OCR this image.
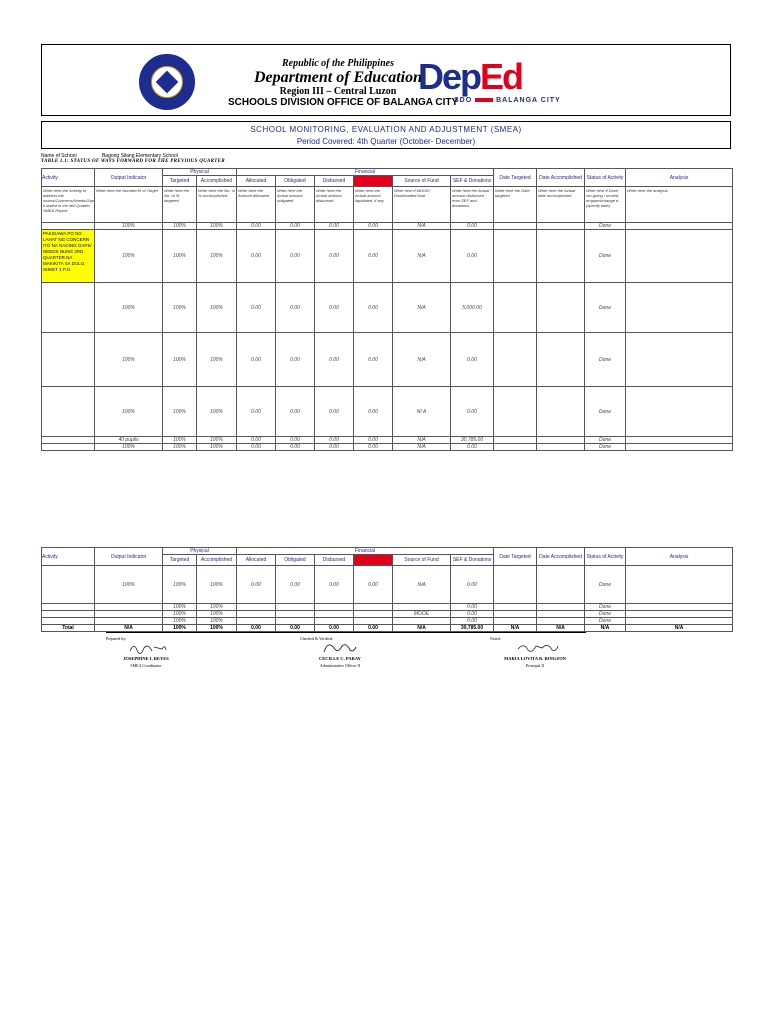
Republic of the Philippines
Department of Education
Region III – Central Luzon
SCHOOLS DIVISION OFFICE OF BALANGA CITY
DepEd
SDO	BALANGA CITY
SCHOOL MONITORING, EVALUATION AND ADJUSTMENT (SMEA)
Period Covered: 4th Quarter (October- December)
Name of School	Bagong Silang Elementary School
TABLE 1.1: STATUS OF WAYS FORWARD FOR THE PREVIOUS QUARTER
Activity	Output Indicator	Physical		Financial						Date Targeted	Date Accomplished	Status of Activity	Analysis
		Targeted	Accomplished	Allocated	Obligated	Disbursed	Liquidated	Source of Fund	SEF & Donations				
Write here the Activity to address the issues/Concerns/Needs/Gap s stated in the last Quarter SMEA Report	Write here the Number/% of Target	Write here the No. of % targeted	Write here the No. of % accomplished	Write here the Amount allocated	Write here the Actual amount obligated	Write here the Actual amount disbursed	Write here the Actual amount liquidated, if any	Write here if MOOE/ Downloaded fund	Write here the Actual amount disbursed from SEF and donations	Write here the Date targeted	Write here the Actual date accomplished	Write here if Done /on-going / moved, dropped/change d (specify date)	Write here the analysis
	100%	100%	100%	0.00	0.00	0.00	0.00	N/A	0.00			Done	
PAKIGAWA PO NG LAHAT NG CONCERN ITO NA NAGING GAPS/ NEEDS NUNG 3RD QUARTER NA MAKIKITA SA DULO, SHEET 1 P.O.	100%	100%	100%	0.00	0.00	0.00	0.00	N/A	0.00			Done	
	100%	100%	100%	0.00	0.00	0.00	0.00	N/A	5,000.00			Done	
	100%	100%	100%	0.00	0.00	0.00	0.00	N/A	0.00			Done	
	100%	100%	100%	0.00	0.00	0.00	0.00	N/ A	0.00			Done	
	40 pupils	100%	100%	0.00	0.00	0.00	0.00	N/A	30,785.00			Done	
	100%	100%	100%	0.00	0.00	0.00	0.00	N/A	0.00			Done	
Activity	Output Indicator	Physical		Financial						Date Targeted	Date Accomplished	Status of Activity	Analysis
		Targeted	Accomplished	Allocated	Obligated	Disbursed	Liquidated	Source of Fund	SEF & Donations				
	100%	100%	100%	0.00	0.00	0.00	0.00	N/A	0.00			Done	
		100%	100%						0.00			Done	
		100%	100%					MOOE	0.00			Done	
		100%	100%						0.00			Done	
Total	N/A	100%	100%	0.00	0.00	0.00	0.00	N/A	30,785.00	N/A	N/A	N/A	N/A
Prepared by:
JOSEPHINE I. REYES
SMEA Coordinator
Checked & Verified:
CECILLE C. PARAY
Administrative Officer II
Noted:
MARIA LOVITA R. RINGZON
Principal II
